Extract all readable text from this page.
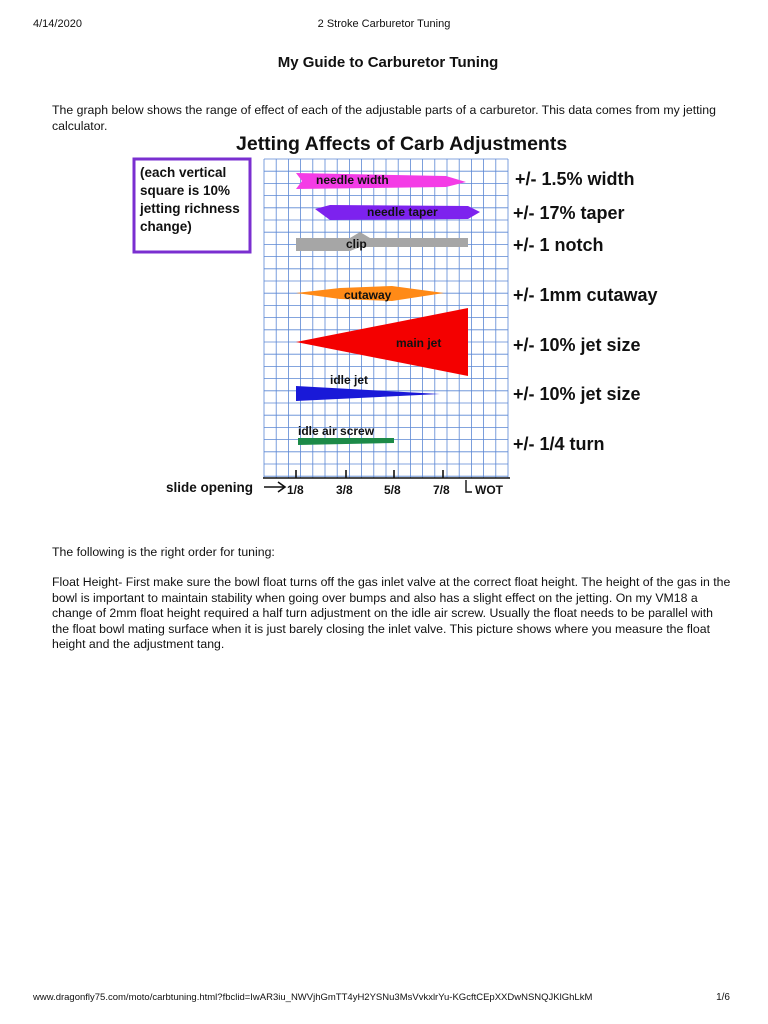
4/14/2020	2 Stroke Carburetor Tuning
My Guide to Carburetor Tuning
The graph below shows the range of effect of each of the adjustable parts of a carburetor. This data comes from my jetting calculator.
Jetting Affects of Carb Adjustments
(each vertical
square is 10%
jetting richness
change)
needle width
needle taper
clip
cutaway
main jet
idle jet
idle air screw
+/- 1.5% width
+/- 17% taper
+/- 1 notch
+/- 1mm cutaway
+/- 10% jet size
+/- 10% jet size
+/- 1/4 turn
slide opening	1/8	3/8	5/8	7/8 WOT
The following is the right order for tuning:
Float Height- First make sure the bowl float turns off the gas inlet valve at the correct float height. The height of the gas in the bowl is important to maintain stability when going over bumps and also has a slight effect on the jetting. On my VM18 a change of 2mm float height required a half turn adjustment on the idle air screw. Usually the float needs to be parallel with the float bowl mating surface when it is just barely closing the inlet valve. This picture shows where you measure the float height and the adjustment tang.
www.dragonfly75.com/moto/carbtuning.html?fbclid=IwAR3iu_NWVjhGmTT4yH2YSNu3MsVvkxlrYu-KGcftCEpXXDwNSNQJKlGhLkM	1/6
